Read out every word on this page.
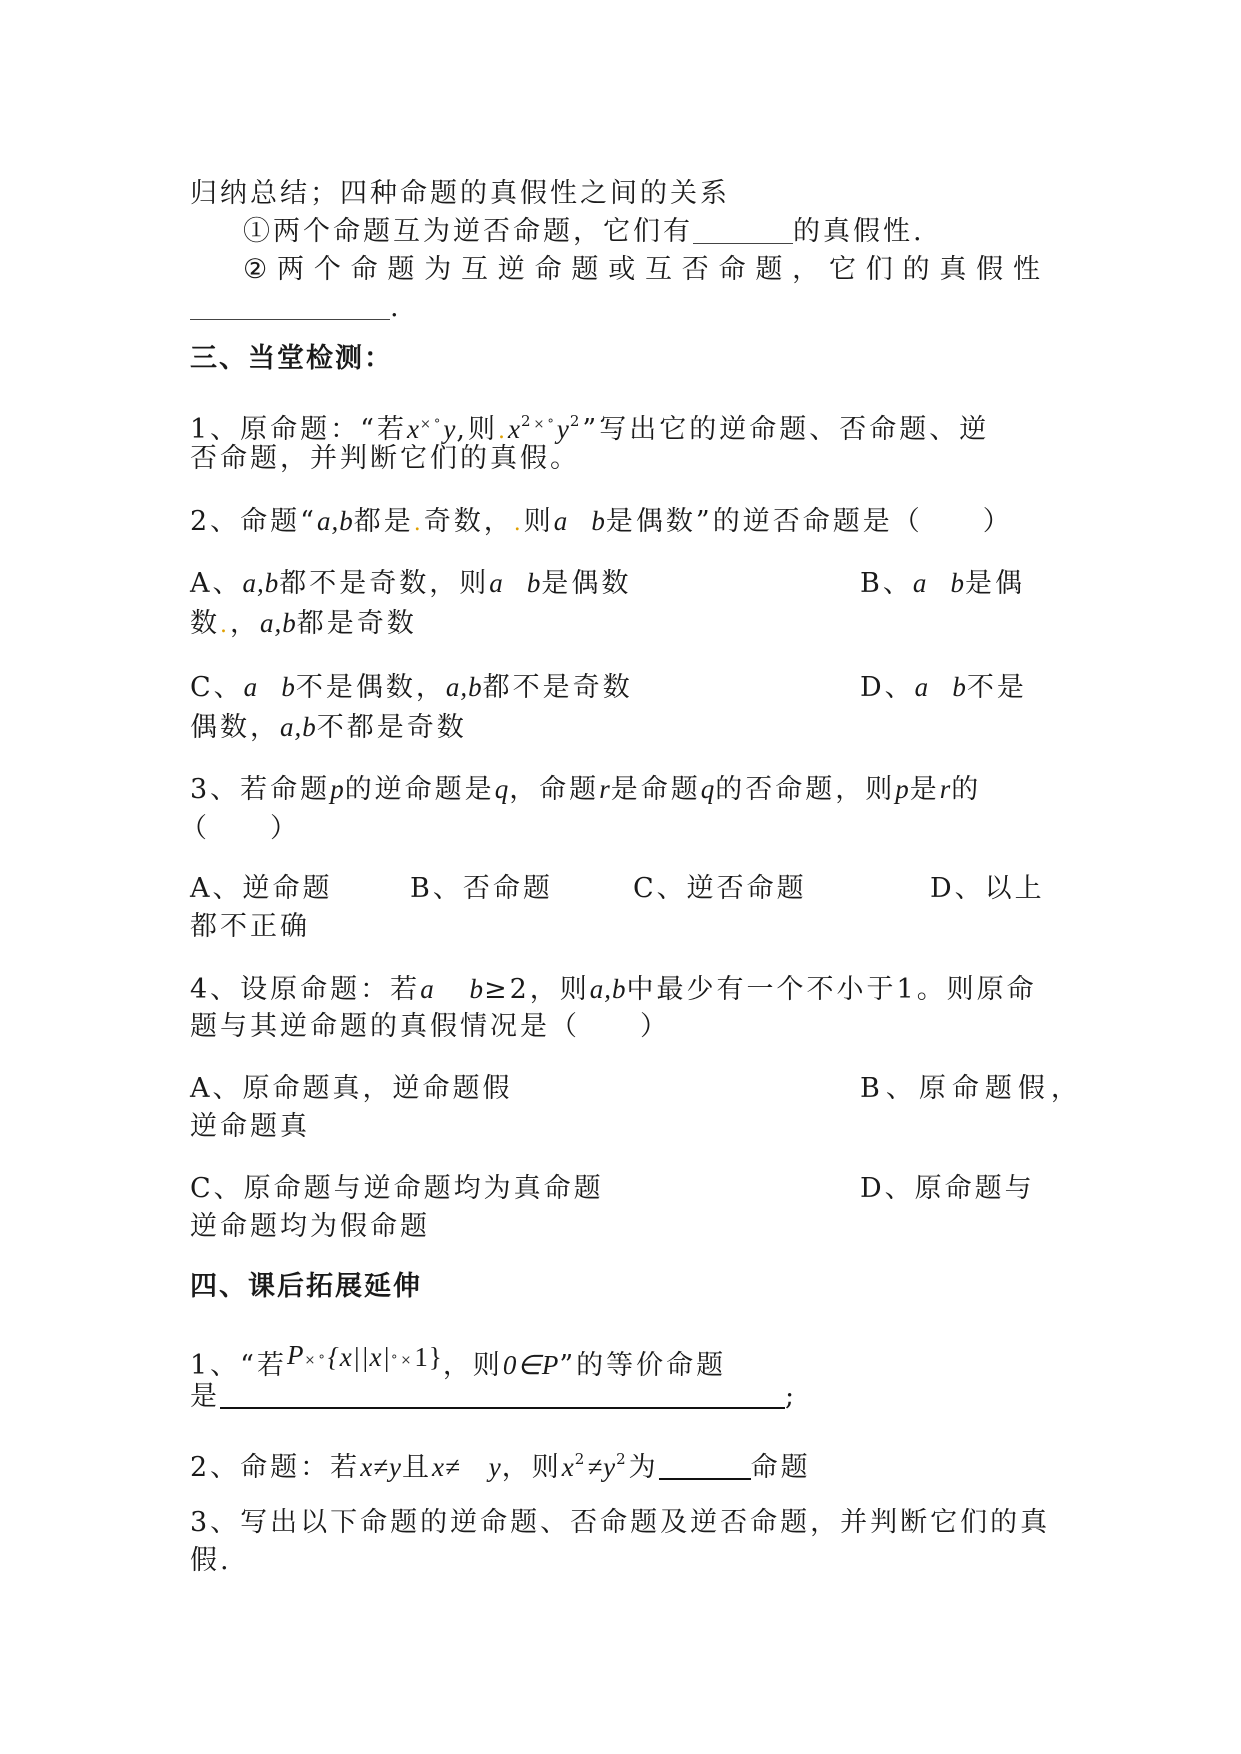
归纳总结；四种命题的真假性之间的关系
①两个命题互为逆否命题，它们有	的真假性.
② 两 个 命 题 为 互 逆 命 题 或 互 否 命 题 ， 它 们 的 真 假 性
.
三、当堂检测：
1、原命题：“若x×°y,则$.x^{2\times^\circ}y^2$”写出它的逆命题、否命题、逆
否命题，并判断它们的真假。
2、命题“a,b都是.奇数，.则a b是偶数”的逆否命题是（　　）
A、a,b都不是奇数，则a b是偶数	B、a b是偶
数.，a,b都是奇数
C、a b不是偶数，a,b都不是奇数	D、a b不是
偶数，a,b不都是奇数
3、若命题p的逆命题是q，命题r是命题q的否命题，则p是r的
（　　）
A、逆命题	B、否命题	C、逆否命题	D、以上
都不正确
4、设原命题：若a b≥2，则a,b中最少有一个不小于1。则原命
题与其逆命题的真假情况是（　　）
A、原命题真，逆命题假	B、原命题假，
逆命题真
C、原命题与逆命题均为真命题	D、原命题与
逆命题均为假命题
四、课后拓展延伸
1、“若P×°{x||x|°×1}，则0∈P”的等价命题
是	;
2、命题：若x≠y且x≠　y，则$x^2\ne y^2$为	命题
3、写出以下命题的逆命题、否命题及逆否命题，并判断它们的真
假.
